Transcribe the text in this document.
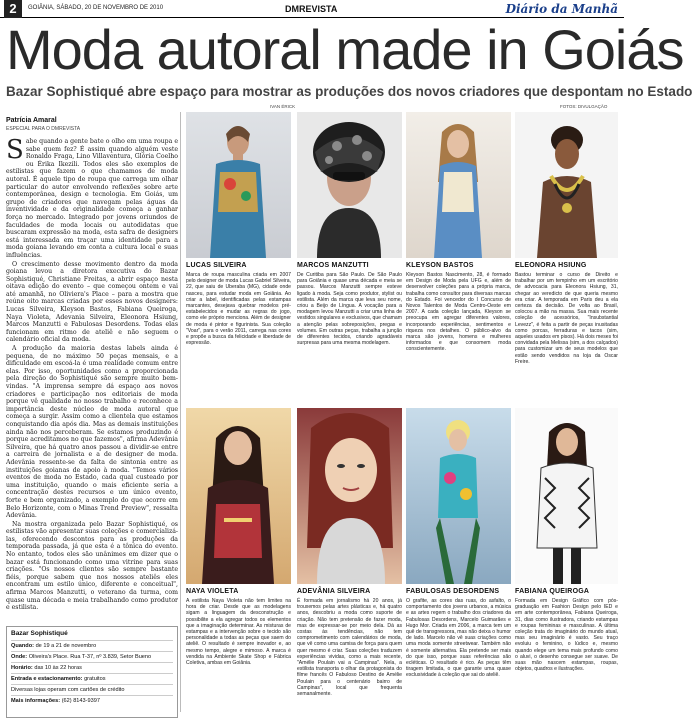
2	GOIÂNIA, SÁBADO, 20 DE NOVEMBRO DE 2010	DMREVISTA	Diário da Manhã
Moda autoral made in Goiás
Bazar Sophistiqué abre espaço para mostrar as produções dos novos criadores que despontam no Estado
IVAN ÉRICK	FOTOS: DIVULGAÇÃO
Patrícia Amaral
ESPECIAL PARA O DMREVISTA

Sabe quando a gente bate o olho em uma roupa e sabe quem fez? É assim quando alguém veste Ronaldo Fraga, Lino Villaventura, Glória Coelho ou Érika Ikezili. Todos eles são exemplos de estilistas que fazem o que chamamos de moda autoral. É aquele tipo de roupa que carrega um olhar particular do autor envolvendo reflexões sobre arte contemporânea, design e tecnologia. Em Goiás, um grupo de criadores que navegam pelas águas da inventividade e da originalidade começa a ganhar força no mercado. Integrado por jovens oriundos de faculdades de moda locais ou autodidatas que buscaram expressão na moda, esta safra de designers está interessada em traçar uma identidade para a moda goiana levando em conta a cultura local e suas influências.

O crescimento desse movimento dentro da moda goiana levou a diretora executiva do Bazar Sophistiqué, Christiane Freitas, a abrir espaço nesta oitava edição do evento – que começou ontem e vai até amanhã, no Oliviera's Place – para a mostra que reúne oito marcas criadas por esses novos designers: Lucas Silveira, Kleyson Bastos, Fabiana Queiroga, Naya Violeta, Adevania Silveira, Eleonora Hsiung, Marcos Manzutti e Fabulosas Desordens. Todas elas funcionam em ritmo de ateliê e não seguem o calendário oficial da moda.

A produção da maioria destas labels ainda é pequena, de no máximo 50 peças mensais, e a dificuldade em escoá-la é uma realidade comum entre elas. Por isso, oportunidades como a proporcionada pela direção do Sophistiqué são sempre muito bem-vindas. "A imprensa sempre dá espaço aos novos criadores e participação nos editoriais de moda porque vê qualidade no nosso trabalho e reconhece a importância deste núcleo de moda autoral que começa a surgir. Assim como a clientela que estamos conquistando dia após dia. Mas as demais instituições ainda não nos perceberam. Se estamos produzindo é porque acreditamos no que fazemos", afirma Adevânia Silveira, que há quatro anos passou a dividir-se entre a carreira de jornalista e a de designer de moda. Adevânia ressente-se da falta de sintonia entre as instituições goianas de apoio à moda. "Temos vários eventos de moda no Estado, cada qual custeado por uma instituição, quando o mais eficiente seria a concentração destes recursos e um único evento, forte e bem organizado, a exemplo do que ocorre em Belo Horizonte, com o Minas Trend Preview", ressalta Adevânia.

Na mostra organizada pelo Bazar Sophistiqué, os estilistas vão apresentar suas coleções e comercializá-las, oferecendo descontos para as produções da temporada passada, já que esta é a tônica do evento. No entanto, todos eles são unânimes em dizer que o bazar está funcionando como uma vitrine para suas criações. "Os nossos clientes são sempre bastante fiéis, porque sabem que nos nossos ateliês eles encontram um estilo único, diferente e conceitual", afirma Marcos Manzutti, o veterano da turma, com quase uma década e meia trabalhando como produtor e estilista.

Bazar Sophistiqué
Quando: de 19 a 21 de novembro
Onde: Oliveira's Place. Rua T-37, nº 3.839, Setor Bueno
Horário: das 10 às 22 horas
Entrada e estacionamento: gratuitos
Diversas lojas operam com cartões de crédito
Mais informações: (62) 8143-9397
LUCAS SILVEIRA
Marca de roupa masculina criada em 2007 pelo designer de moda Lucas Gabriel Silveira, 22, que saiu de Uberaba (MG), cidade onde nasceu, para estudar moda em Goiânia. Ao criar a label, identificadas pelas estampas marcantes, desejava quebrar modelos pré-estabelecidos e mudar as regras do jogo, como ele próprio menciona. Além de designer de moda é pintor e figurinista. Sua coleção "Voar", para o verão 2011, carrega nas cores e propõe a busca da felicidade e liberdade de expressão.
MARCOS MANZUTTI
De Curitiba para São Paulo. De São Paulo para Goiânia e quase uma década e meia se passou. Marcos Manzutti sempre esteve ligado à moda. Seja como produtor, stylist ou estilista. Além da marca que leva seu nome, criou a Beijo de Língua. A vocação para a modagem levou Manzutti a criar uma linha de vestidos singulares e exclusivos, que chamam a atenção pelas sobreposições, pregas e volumes. Em outras peças, trabalha a junção de diferentes tecidos, criando agradáveis surpresas para uma mesma modelagem.
KLEYSON BASTOS
Kleyson Bastos Nascimento, 28, é formado em Design de Moda pela UFG e, além de desenvolver coleções para a própria marca, trabalha como consultor para diversas marcas do Estado. Foi vencedor do I Concurso de Novos Talentos de Moda Centro-Oeste em 2007. A cada coleção lançada, Kleyson se preocupa em agregar diferentes valores, incorporando experiências, sentimentos e riqueza nos detalhes. O público-alvo da marca são jovens, homens e mulheres informados e que consomem moda conscientemente.
ELEONORA HSIUNG
Bastou terminar o curso de Direito e trabalhar por um tempinho em um escritório de advocacia para Eleonora Hsiung, 31, chegar ao veredicto de que queria mesmo era criar. A temporada em Paris deu a ela certeza da decisão. De volta ao Brasil, colocou a mão na massa. Sua mais recente coleção de acessórios, "Insubstantial Levezz", é feita a partir de peças inusitadas como porcas, ferraduras e tacos (sim, aqueles usados em pisos). Há dois meses foi convidada pela Melissa (sim, a dos calçados) para customizar um de seus modelos que estão sendo vendidos na loja da Oscar Freire.
NAYA VIOLETA
A estilista Naya Violeta não tem limites na hora de criar. Desde que as modelagens sigam a linguagem da desconstrução e possibilite a ela agregar todos os elementos que a imaginação determinar. As misturas de estampas e a intervenção sobre o tecido são personalidade a todas as peças que saem do ateliê. O resultado é sempre inovador e, ao mesmo tempo, alegre e mimoso. A marca é vendida na Ambiente Skate Shop e Fábrica Coletiva, ambas em Goiânia.
ADEVÂNIA SILVEIRA
É formada em jornalismo há 20 anos, já trouxemos pelas artes plásticas e, há quatro anos, descobriu a moda como suporte de criação. Não tem pretensão de fazer moda, mas de expressar-se por meio dela. Dá as costas às tendências, não tem comprometimento com calendários de moda, que vê como uma camisa de força para quem quer mesmo é criar. Suas coleções traduzem experiências vividas, como a mais recente, "Amélie Poulain vai a Campinas". Nela, a estilista transporta o olhar da protagonista do filme francês O Fabuloso Destino de Amélie Poulain para o centenário bairro de Campinas", local que frequenta semanalmente.
FABULOSAS DESORDENS
O grafite, as cores das ruas, do asfalto, o comportamento dos jovens urbanos, a música e as artes regem o trabalho dos criadores da Fabulosas Desordens, Marcelo Guimarães e Hugo Mor. Criada em 2006, a marca tem um quê de transgressora, mas não deixa o humor de lado. Marcelo não vê suas criações como uma moda somente streetwear. Também não é somente alternativa. Ela pretende ser mais do que isso, porque suas referências são ecléticas. O resultado é rico. As peças têm tiragem limitada, o que garante uma quase exclusividade à coleção que sai do ateliê.
FABIANA QUEIROGA
Formada em Design Gráfico com pós-graduação em Fashion Design pelo IED e em arte contemporânea, Fabiana Queiroga, 31, dias como ilustradora, criando estampas e roupas femininas e masculinas. A última coleção trata do imaginário do mundo atual, mas seu imaginário é vasto. Seu traço evoluiu o feminino, o lúdico e, mesmo quando elege um tema mais profundo como o aluvi, o desenho consegue ser suave. De suas mão nascem estampas, roupas, objetos, quadros e ilustrações.
